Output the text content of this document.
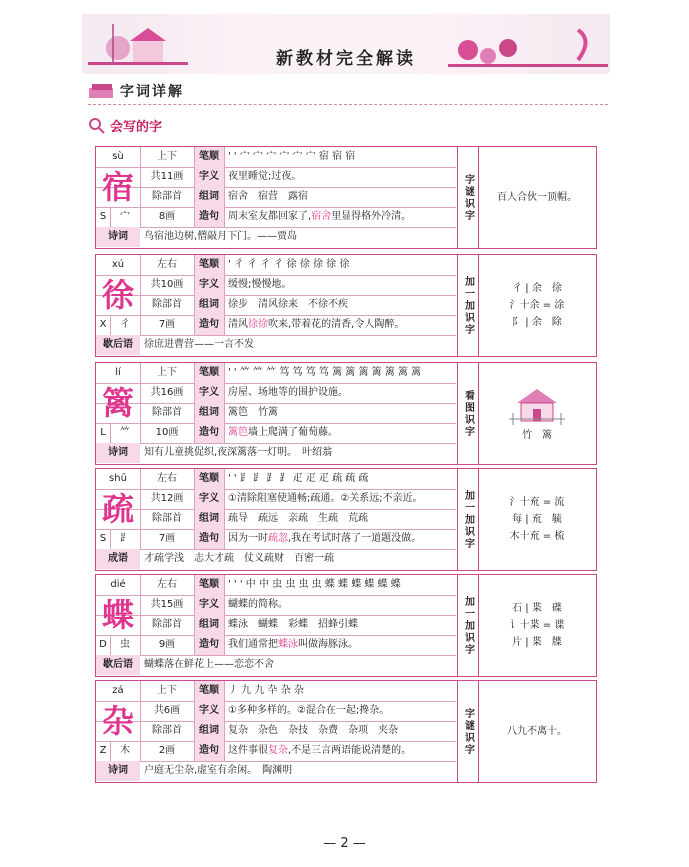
新教材完全解读
字词详解
会写的字
sù	上下	笔顺 ' ' 宀 宀 宀 宀 宀 宀 宿 宿 宿
共11画	字义 夜里睡觉;过夜。
除部首	组词 宿舍　宿营　露宿
S	宀	8画	造句 周末室友都回家了,宿舍里显得格外冷清。
诗词	鸟宿池边树,僧敲月下门。——贾岛
宿	字谜识字	百人合伙一顶帽。
xú	左右	笔顺 ' 彳 彳 彳 彳 徐 徐 徐 徐 徐
共10画	字义 缓慢;慢慢地。
除部首	组词 徐步　清风徐来　不徐不疾
X	彳	7画	造句 清风徐徐吹来,带着花的清香,令人陶醉。
歇后语	徐庶进曹营——一言不发
徐	加一加识字	彳 | 余　徐
氵十余 = 涂
阝 | 余　除
lí	上下	笔顺 ' ' ⺮ ⺮ ⺮ 笃 笃 笃 笃 篱 篱 篱 篱 篱 篱 篱
共16画	字义 房屋、场地等的围护设施。
除部首	组词 篱笆　竹篱
L	⺮	10画	造句 篱笆墙上爬满了葡萄藤。
诗词	知有儿童挑促织,夜深篱落一灯明。　叶绍翁
篱	看图识字	竹　篱
shū	左右	笔顺 ' ' ⻊ ⻊ ⻊ ⻊ 疋 疋 疋 疏 疏 疏
共12画	字义 ①清除阻塞使通畅;疏通。②关系远;不亲近。
除部首	组词 疏导　疏远　亲疏　生疏　荒疏
S	⻊	7画	造句 因为一时疏忽,我在考试时落了一道题没做。
成语	才疏学浅　志大才疏　仗义疏财　百密一疏
疏	加一加识字	氵十㐬 = 流
每 | 㐬　毓
木十㐬 = 梳
dié	左右	笔顺 ' ' ' 中 中 虫 虫 虫 虫 蝶 蝶 蝶 蝶 蝶 蝶
共15画	字义 蝴蝶的简称。
除部首	组词 蝶泳　蝴蝶　彩蝶　招蜂引蝶
D	虫	9画	造句 我们通常把蝶泳叫做海豚泳。
歇后语	蝴蝶落在鲜花上——恋恋不舍
蝶	加一加识字	石 | 枼　碟
讠十枼 = 谍
片 | 枼　牒
zá	上下	笔顺 丿 九 九 卆 杂 杂
共6画	字义 ①多种多样的。②混合在一起;搀杂。
除部首	组词 复杂　杂色　杂技　杂费　杂项　夹杂
Z	木	2画	造句 这件事很复杂,不是三言两语能说清楚的。
诗词	户庭无尘杂,虚室有余闲。　陶渊明
杂	字谜识字	八九不离十。
— 2 —
